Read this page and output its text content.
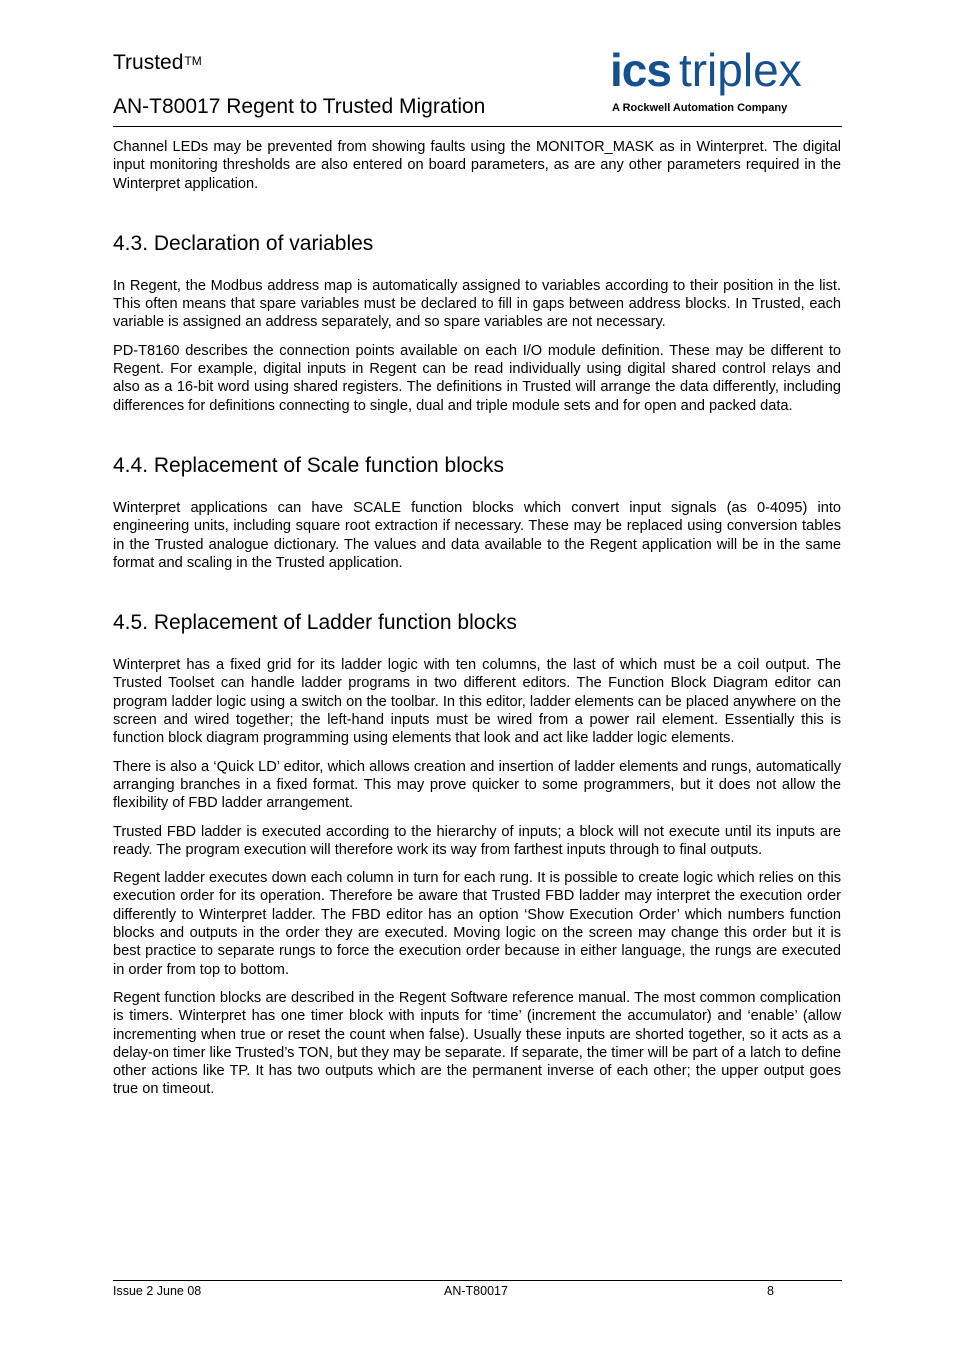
Trusted™
AN-T80017 Regent to Trusted Migration
ics triplex
A Rockwell Automation Company

Channel LEDs may be prevented from showing faults using the MONITOR_MASK as in Winterpret. The digital input monitoring thresholds are also entered on board parameters, as are any other parameters required in the Winterpret application.

4.3. Declaration of variables

In Regent, the Modbus address map is automatically assigned to variables according to their position in the list. This often means that spare variables must be declared to fill in gaps between address blocks. In Trusted, each variable is assigned an address separately, and so spare variables are not necessary.

PD-T8160 describes the connection points available on each I/O module definition. These may be different to Regent. For example, digital inputs in Regent can be read individually using digital shared control relays and also as a 16-bit word using shared registers. The definitions in Trusted will arrange the data differently, including differences for definitions connecting to single, dual and triple module sets and for open and packed data.

4.4. Replacement of Scale function blocks

Winterpret applications can have SCALE function blocks which convert input signals (as 0-4095) into engineering units, including square root extraction if necessary. These may be replaced using conversion tables in the Trusted analogue dictionary. The values and data available to the Regent application will be in the same format and scaling in the Trusted application.

4.5. Replacement of Ladder function blocks

Winterpret has a fixed grid for its ladder logic with ten columns, the last of which must be a coil output. The Trusted Toolset can handle ladder programs in two different editors. The Function Block Diagram editor can program ladder logic using a switch on the toolbar. In this editor, ladder elements can be placed anywhere on the screen and wired together; the left-hand inputs must be wired from a power rail element. Essentially this is function block diagram programming using elements that look and act like ladder logic elements.

There is also a ‘Quick LD’ editor, which allows creation and insertion of ladder elements and rungs, automatically arranging branches in a fixed format. This may prove quicker to some programmers, but it does not allow the flexibility of FBD ladder arrangement.

Trusted FBD ladder is executed according to the hierarchy of inputs; a block will not execute until its inputs are ready. The program execution will therefore work its way from farthest inputs through to final outputs.

Regent ladder executes down each column in turn for each rung. It is possible to create logic which relies on this execution order for its operation. Therefore be aware that Trusted FBD ladder may interpret the execution order differently to Winterpret ladder. The FBD editor has an option ‘Show Execution Order’ which numbers function blocks and outputs in the order they are executed. Moving logic on the screen may change this order but it is best practice to separate rungs to force the execution order because in either language, the rungs are executed in order from top to bottom.

Regent function blocks are described in the Regent Software reference manual. The most common complication is timers. Winterpret has one timer block with inputs for ‘time’ (increment the accumulator) and ‘enable’ (allow incrementing when true or reset the count when false). Usually these inputs are shorted together, so it acts as a delay-on timer like Trusted’s TON, but they may be separate. If separate, the timer will be part of a latch to define other actions like TP. It has two outputs which are the permanent inverse of each other; the upper output goes true on timeout.

Issue 2 June 08	AN-T80017	8
